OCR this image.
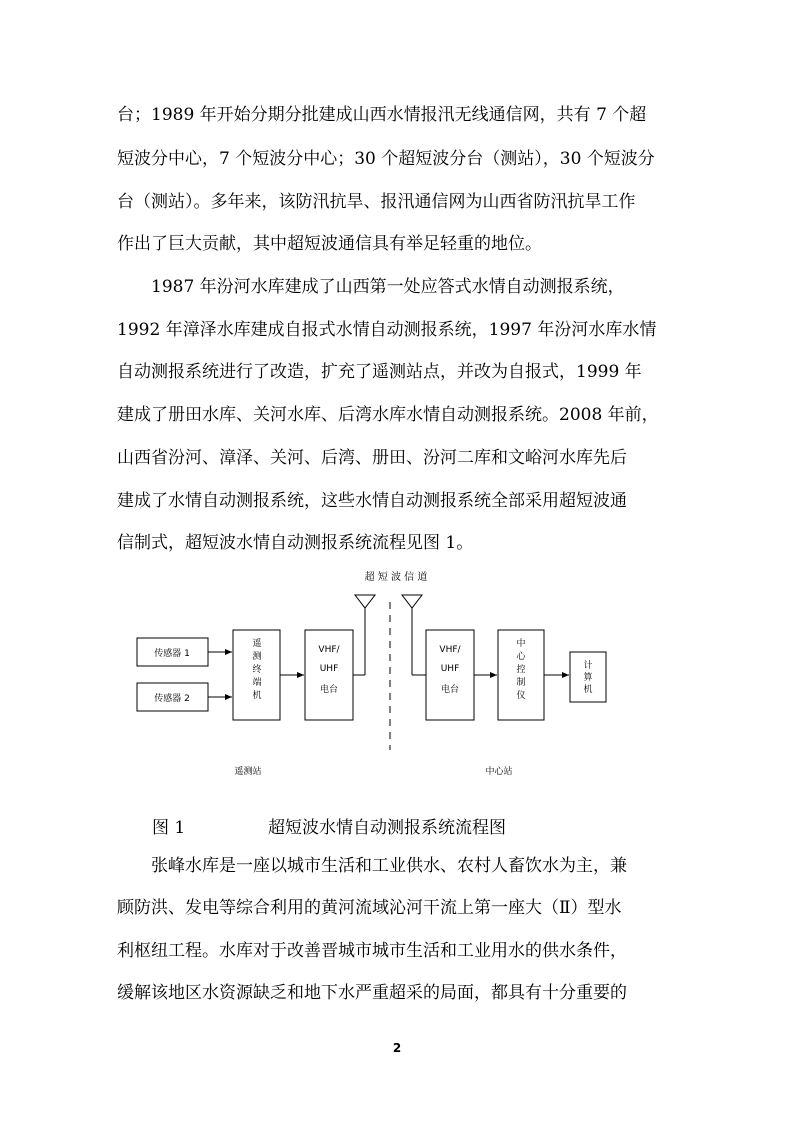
台；1989 年开始分期分批建成山西水情报汛无线通信网，共有 7 个超
短波分中心，7 个短波分中心；30 个超短波分台（测站），30 个短波分
台（测站）。多年来，该防汛抗旱、报汛通信网为山西省防汛抗旱工作
作出了巨大贡献，其中超短波通信具有举足轻重的地位。
1987 年汾河水库建成了山西第一处应答式水情自动测报系统，
1992 年漳泽水库建成自报式水情自动测报系统，1997 年汾河水库水情
自动测报系统进行了改造，扩充了遥测站点，并改为自报式，1999 年
建成了册田水库、关河水库、后湾水库水情自动测报系统。2008 年前，
山西省汾河、漳泽、关河、后湾、册田、汾河二库和文峪河水库先后
建成了水情自动测报系统，这些水情自动测报系统全部采用超短波通
信制式，超短波水情自动测报系统流程见图 1。
超 短 波 信 道
传感器 1
传感器 2
遥
测
终
端
机
VHF/
UHF
电台
VHF/
UHF
电台
中
心
控
制
仪
计
算
机
遥测站	中心站
图 1	超短波水情自动测报系统流程图
张峰水库是一座以城市生活和工业供水、农村人畜饮水为主，兼
顾防洪、发电等综合利用的黄河流域沁河干流上第一座大（Ⅱ）型水
利枢纽工程。水库对于改善晋城市城市生活和工业用水的供水条件，
缓解该地区水资源缺乏和地下水严重超采的局面，都具有十分重要的
2
